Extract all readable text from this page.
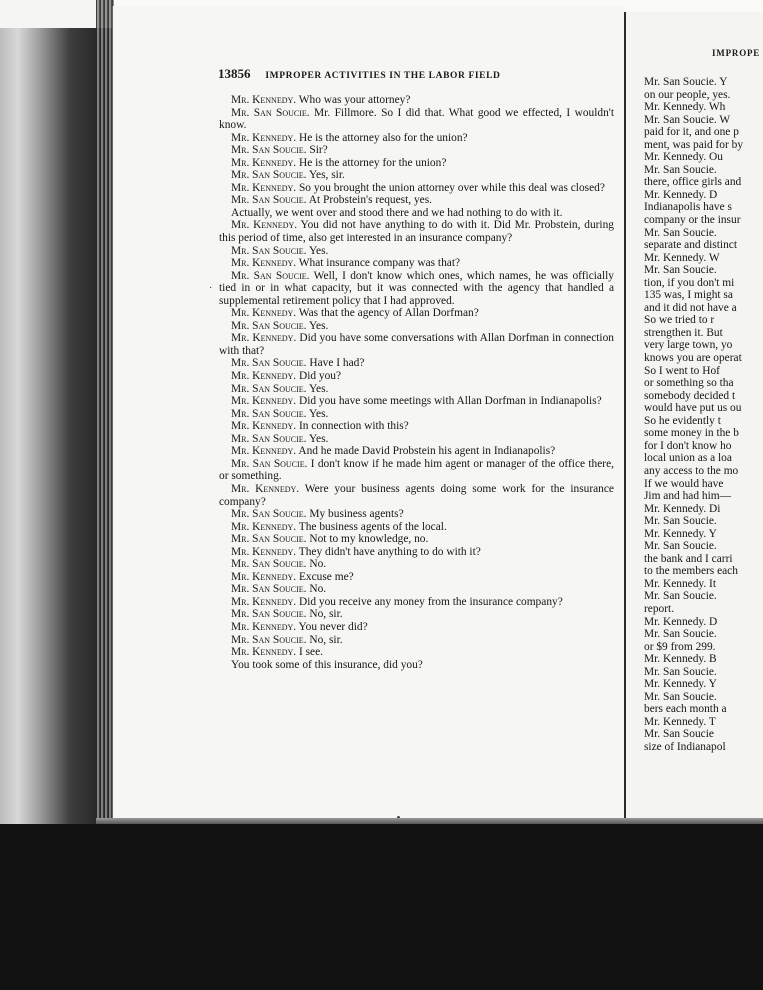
13856 IMPROPER ACTIVITIES IN THE LABOR FIELD
IMPROPE

Mr. Kennedy. Who was your attorney?

Mr. San Soucie. Mr. Fillmore. So I did that. What good we effected, I wouldn't know.

Mr. Kennedy. He is the attorney also for the union?

Mr. San Soucie. Sir?

Mr. Kennedy. He is the attorney for the union?

Mr. San Soucie. Yes, sir.

Mr. Kennedy. So you brought the union attorney over while this deal was closed?

Mr. San Soucie. At Probstein's request, yes.

Actually, we went over and stood there and we had nothing to do with it.

Mr. Kennedy. You did not have anything to do with it. Did Mr. Probstein, during this period of time, also get interested in an insurance company?

Mr. San Soucie. Yes.

Mr. Kennedy. What insurance company was that?

Mr. San Soucie. Well, I don't know which ones, which names, he was officially tied in or in what capacity, but it was connected with the agency that handled a supplemental retirement policy that I had approved.

Mr. Kennedy. Was that the agency of Allan Dorfman?

Mr. San Soucie. Yes.

Mr. Kennedy. Did you have some conversations with Allan Dorfman in connection with that?

Mr. San Soucie. Have I had?

Mr. Kennedy. Did you?

Mr. San Soucie. Yes.

Mr. Kennedy. Did you have some meetings with Allan Dorfman in Indianapolis?

Mr. San Soucie. Yes.

Mr. Kennedy. In connection with this?

Mr. San Soucie. Yes.

Mr. Kennedy. And he made David Probstein his agent in Indianapolis?

Mr. San Soucie. I don't know if he made him agent or manager of the office there, or something.

Mr. Kennedy. Were your business agents doing some work for the insurance company?

Mr. San Soucie. My business agents?

Mr. Kennedy. The business agents of the local.

Mr. San Soucie. Not to my knowledge, no.

Mr. Kennedy. They didn't have anything to do with it?

Mr. San Soucie. No.

Mr. Kennedy. Excuse me?

Mr. San Soucie. No.

Mr. Kennedy. Did you receive any money from the insurance company?

Mr. San Soucie. No, sir.

Mr. Kennedy. You never did?

Mr. San Soucie. No, sir.

Mr. Kennedy. I see.

You took some of this insurance, did you?

Mr. San Soucie. Y
on our people, yes.
Mr. Kennedy. Wh
Mr. San Soucie. W
paid for it, and one p
ment, was paid for by
Mr. Kennedy. Ou
Mr. San Soucie.
there, office girls and
Mr. Kennedy. D
Indianapolis have s
company or the insur
Mr. San Soucie.
separate and distinct
Mr. Kennedy. W
Mr. San Soucie.
tion, if you don't mi
135 was, I might sa
and it did not have a
So we tried to r
strengthen it. But
very large town, yo
knows you are operat
So I went to Hof
or something so tha
somebody decided t
would have put us ou
So he evidently t
some money in the b
for I don't know ho
local union as a loa
any access to the mo
If we would have
Jim and had him—
Mr. Kennedy. Di
Mr. San Soucie.
Mr. Kennedy. Y
Mr. San Soucie.
the bank and I carri
to the members each
Mr. Kennedy. It
Mr. San Soucie.
report.
Mr. Kennedy. D
Mr. San Soucie.
or $9 from 299.
Mr. Kennedy. B
Mr. San Soucie.
Mr. Kennedy. Y
Mr. San Soucie.
bers each month a
Mr. Kennedy. T
Mr. San Soucie
size of Indianapol
·
